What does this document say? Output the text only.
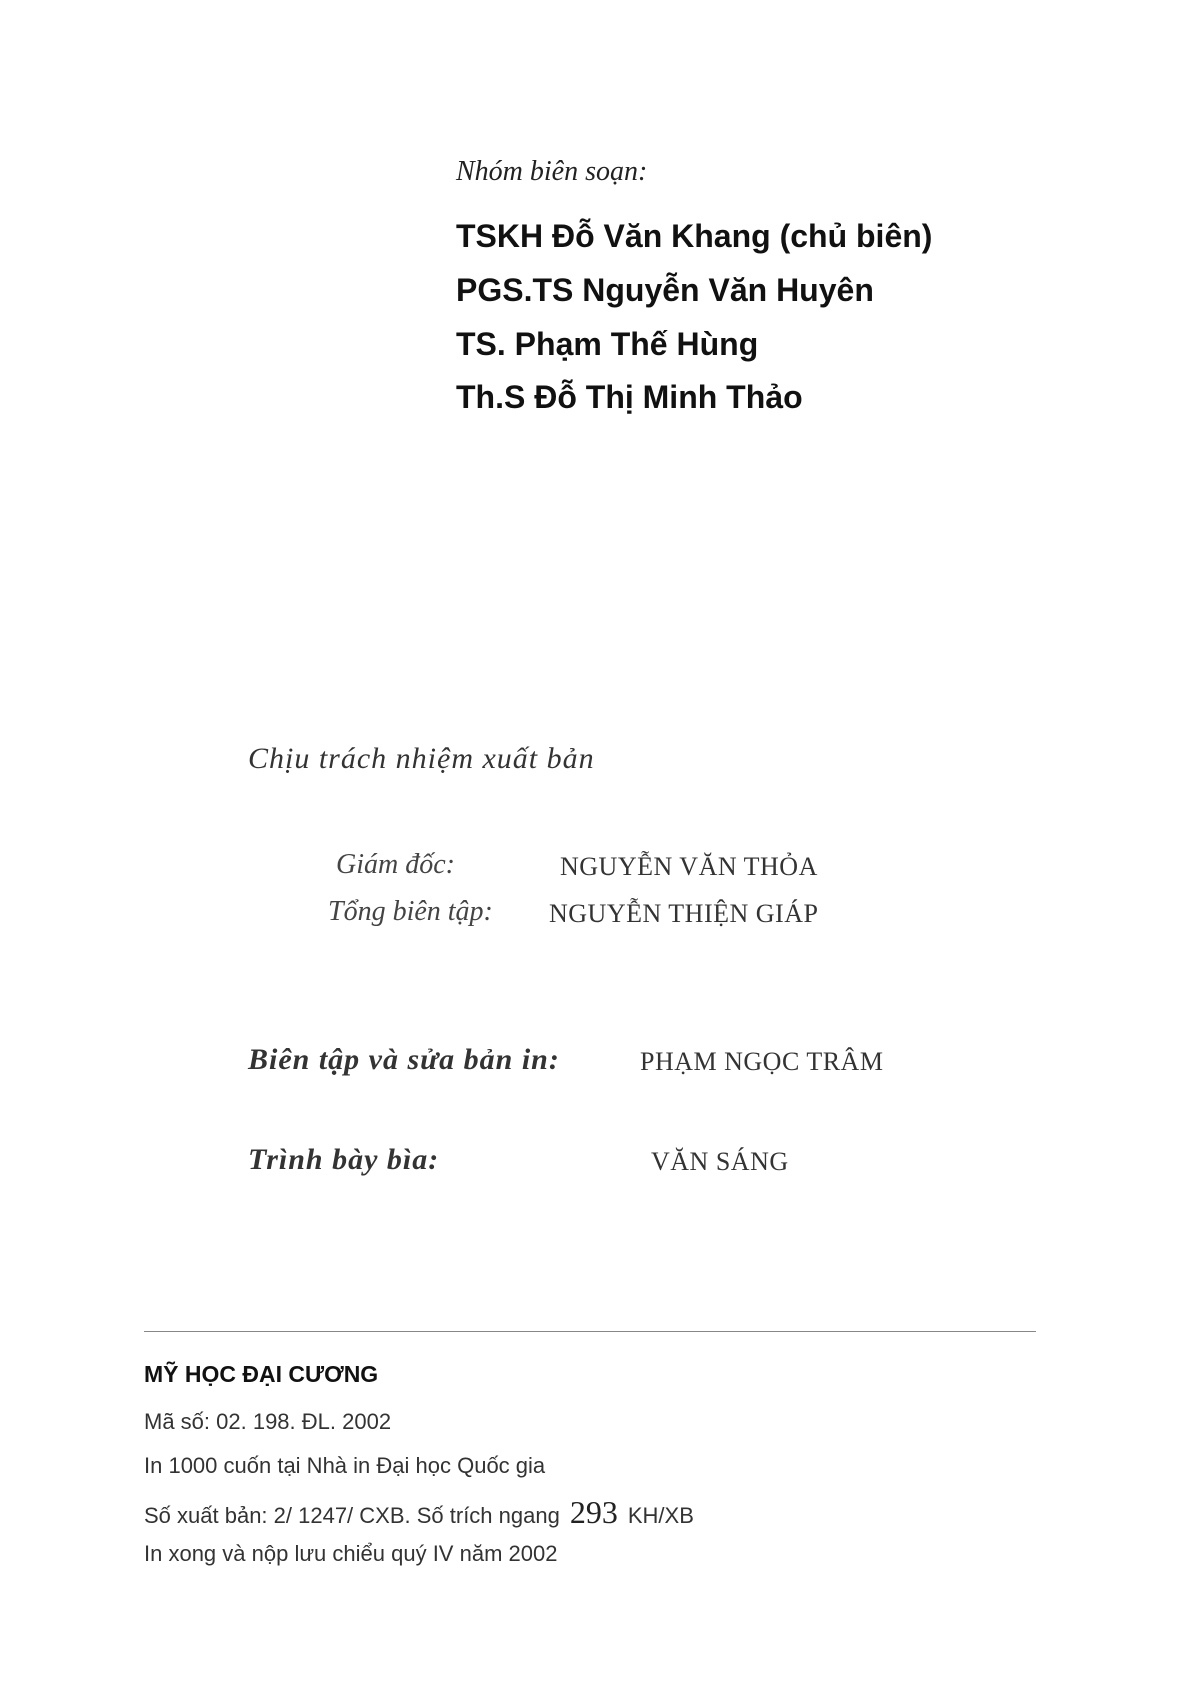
Nhóm biên soạn:
TSKH Đỗ Văn Khang (chủ biên)
PGS.TS Nguyễn Văn Huyên
TS. Phạm Thế Hùng
Th.S Đỗ Thị Minh Thảo
Chịu trách nhiệm xuất bản
Giám đốc:	NGUYỄN VĂN THỎA
Tổng biên tập: NGUYỄN THIỆN GIÁP
Biên tập và sửa bản in:	PHẠM NGỌC TRÂM
Trình bày bìa:	VĂN SÁNG
MỸ HỌC ĐẠI CƯƠNG
Mã số: 02. 198. ĐL. 2002
In 1000 cuốn tại Nhà in Đại học Quốc gia
Số xuất bản: 2/ 1247/ CXB. Số trích ngang 293 KH/XB
In xong và nộp lưu chiểu quý IV năm 2002
